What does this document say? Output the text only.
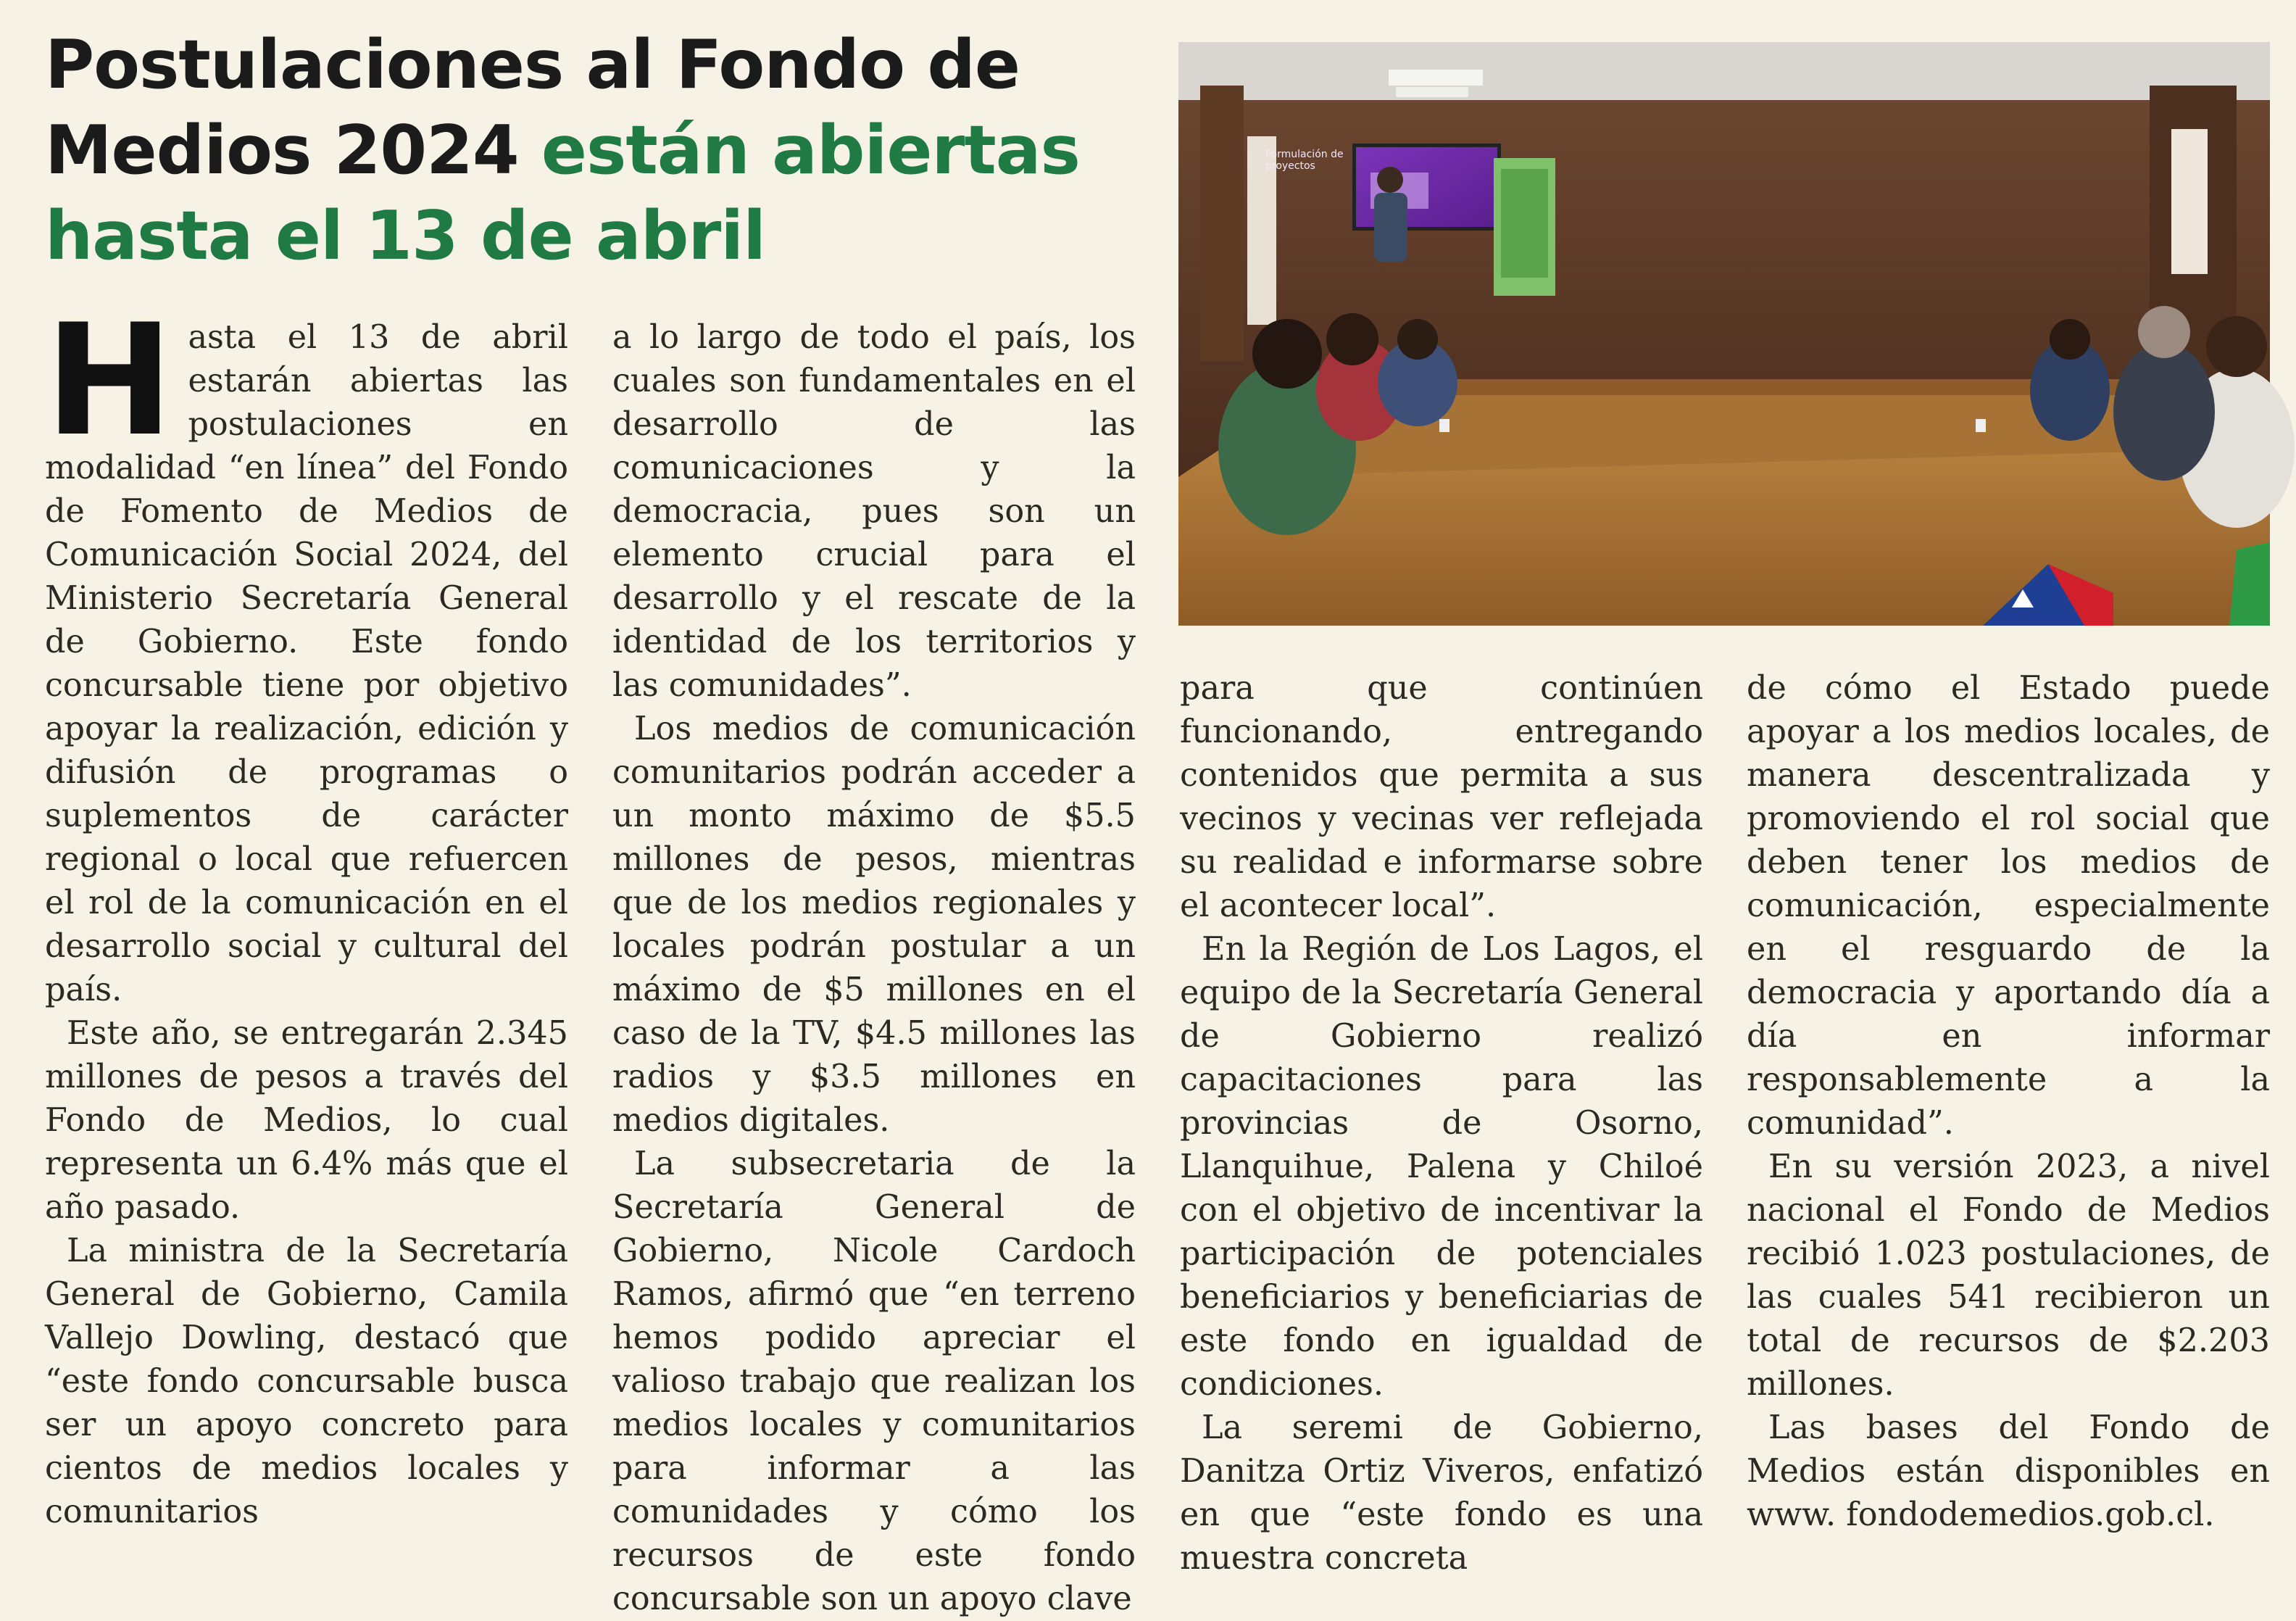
Postulaciones al Fondo de Medios 2024 están abiertas hasta el 13 de abril
Formulación de proyectos
H asta el 13 de abril estarán abiertas las postulaciones en modalidad “en línea” del Fondo de Fomento de Medios de Comunicación Social 2024, del Ministerio Secretaría General de Gobierno. Este fondo concursable tiene por objetivo apoyar la realización, edición y difusión de programas o suplementos de carácter regional o local que refuercen el rol de la comunicación en el desarrollo social y cultural del país.

Este año, se entregarán 2.345 millones de pesos a través del Fondo de Medios, lo cual representa un 6.4% más que el año pasado.

La ministra de la Secretaría General de Gobierno, Camila Vallejo Dowling, destacó que “este fondo concursable busca ser un apoyo concreto para cientos de medios locales y comunitarios

a lo largo de todo el país, los cuales son fundamentales en el desarrollo de las comunicaciones y la democracia, pues son un elemento crucial para el desarrollo y el rescate de la identidad de los territorios y las comunidades”.

Los medios de comunicación comunitarios podrán acceder a un monto máximo de $5.5 millones de pesos, mientras que de los medios regionales y locales podrán postular a un máximo de $5 millones en el caso de la TV, $4.5 millones las radios y $3.5 millones en medios digitales.

La subsecretaria de la Secretaría General de Gobierno, Nicole Cardoch Ramos, afirmó que “en terreno hemos podido apreciar el valioso trabajo que realizan los medios locales y comunitarios para informar a las comunidades y cómo los recursos de este fondo concursable son un apoyo clave

para que continúen funcionando, entregando contenidos que permita a sus vecinos y vecinas ver reflejada su realidad e informarse sobre el acontecer local”.

En la Región de Los Lagos, el equipo de la Secretaría General de Gobierno realizó capacitaciones para las provincias de Osorno, Llanquihue, Palena y Chiloé con el objetivo de incentivar la participación de potenciales beneficiarios y beneficiarias de este fondo en igualdad de condiciones.

La seremi de Gobierno, Danitza Ortiz Viveros, enfatizó en que “este fondo es una muestra concreta

de cómo el Estado puede apoyar a los medios locales, de manera descentralizada y promoviendo el rol social que deben tener los medios de comunicación, especialmente en el resguardo de la democracia y aportando día a día en informar responsablemente a la comunidad”.

En su versión 2023, a nivel nacional el Fondo de Medios recibió 1.023 postulaciones, de las cuales 541 recibieron un total de recursos de $2.203 millones.

Las bases del Fondo de Medios están disponibles en www. fondodemedios.gob.cl.
